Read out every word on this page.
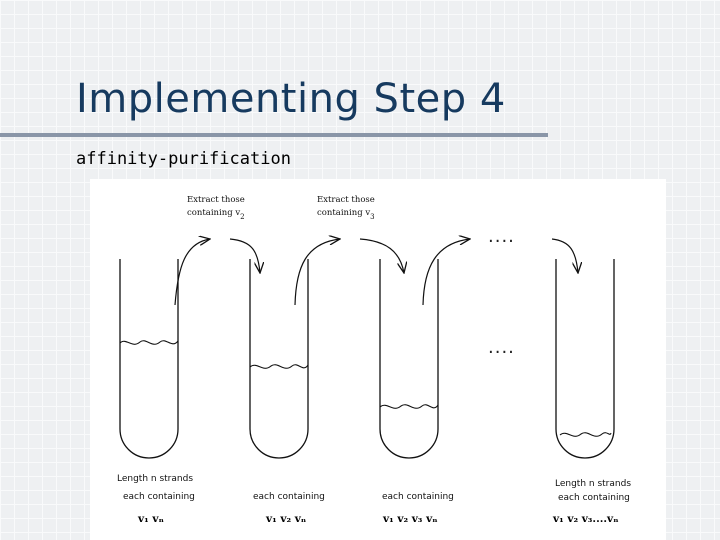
Implementing Step 4
affinity-purification
Extract those
containing $v_2$
Extract those
containing $v_3$
....
....
Length n strands
each containing
v₁ vₙ
each containing
v₁ v₂ vₙ
each containing
v₁ v₂ v₃ vₙ
Length n strands
each containing
v₁ v₂ v₃....vₙ
